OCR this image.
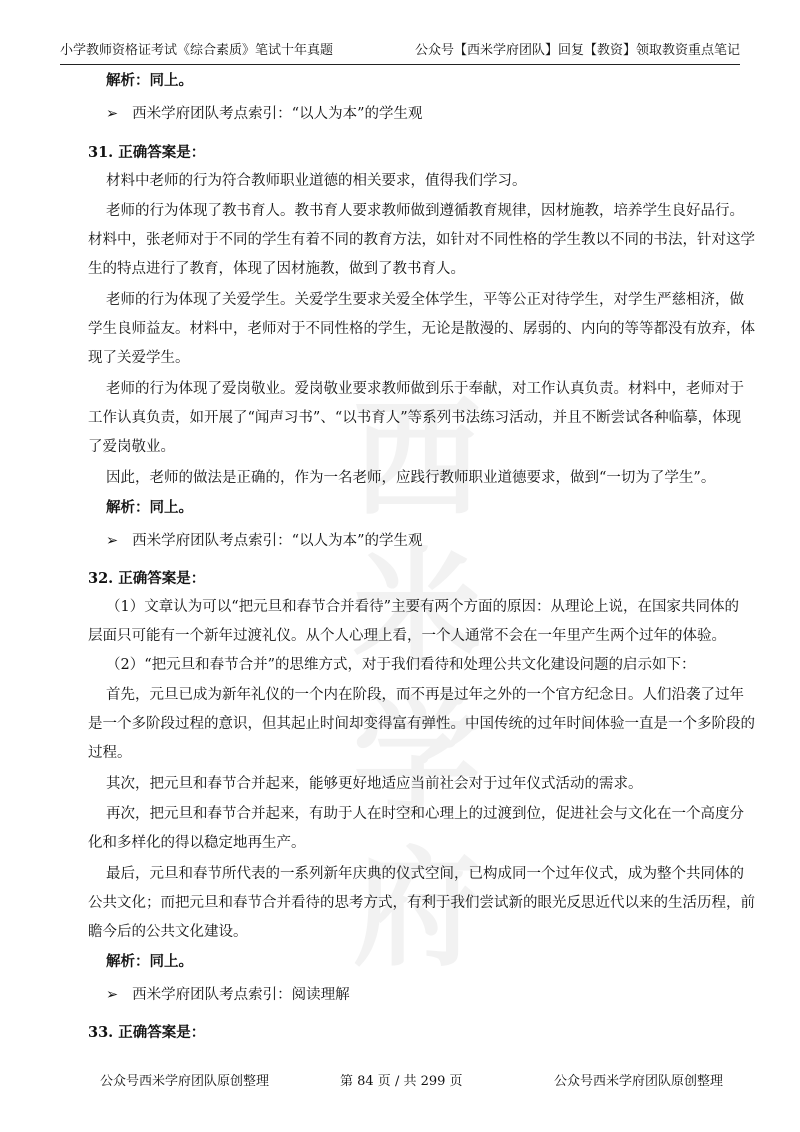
小学教师资格证考试《综合素质》笔试十年真题	公众号【西米学府团队】回复【教资】领取教资重点笔记
西米学府
解析：同上。
➢ 西米学府团队考点索引：“以人为本”的学生观
31. 正确答案是：
材料中老师的行为符合教师职业道德的相关要求，值得我们学习。
老师的行为体现了教书育人。教书育人要求教师做到遵循教育规律，因材施教，培养学生良好品行。
材料中，张老师对于不同的学生有着不同的教育方法，如针对不同性格的学生教以不同的书法，针对这学
生的特点进行了教育，体现了因材施教，做到了教书育人。
老师的行为体现了关爱学生。关爱学生要求关爱全体学生，平等公正对待学生，对学生严慈相济，做
学生良师益友。材料中，老师对于不同性格的学生，无论是散漫的、孱弱的、内向的等等都没有放弃，体
现了关爱学生。
老师的行为体现了爱岗敬业。爱岗敬业要求教师做到乐于奉献，对工作认真负责。材料中，老师对于
工作认真负责，如开展了“闻声习书”、“以书育人”等系列书法练习活动，并且不断尝试各种临摹，体现
了爱岗敬业。
因此，老师的做法是正确的，作为一名老师，应践行教师职业道德要求，做到“一切为了学生”。
解析：同上。
➢ 西米学府团队考点索引：“以人为本”的学生观
32. 正确答案是：
（1）文章认为可以“把元旦和春节合并看待”主要有两个方面的原因：从理论上说，在国家共同体的
层面只可能有一个新年过渡礼仪。从个人心理上看，一个人通常不会在一年里产生两个过年的体验。
（2）“把元旦和春节合并”的思维方式，对于我们看待和处理公共文化建设问题的启示如下：
首先，元旦已成为新年礼仪的一个内在阶段，而不再是过年之外的一个官方纪念日。人们沿袭了过年
是一个多阶段过程的意识，但其起止时间却变得富有弹性。中国传统的过年时间体验一直是一个多阶段的
过程。
其次，把元旦和春节合并起来，能够更好地适应当前社会对于过年仪式活动的需求。
再次，把元旦和春节合并起来，有助于人在时空和心理上的过渡到位，促进社会与文化在一个高度分
化和多样化的得以稳定地再生产。
最后，元旦和春节所代表的一系列新年庆典的仪式空间，已构成同一个过年仪式，成为整个共同体的
公共文化；而把元旦和春节合并看待的思考方式，有利于我们尝试新的眼光反思近代以来的生活历程，前
瞻今后的公共文化建设。
解析：同上。
➢ 西米学府团队考点索引：阅读理解
33. 正确答案是：
公众号西米学府团队原创整理	第 84 页 / 共 299 页	公众号西米学府团队原创整理
